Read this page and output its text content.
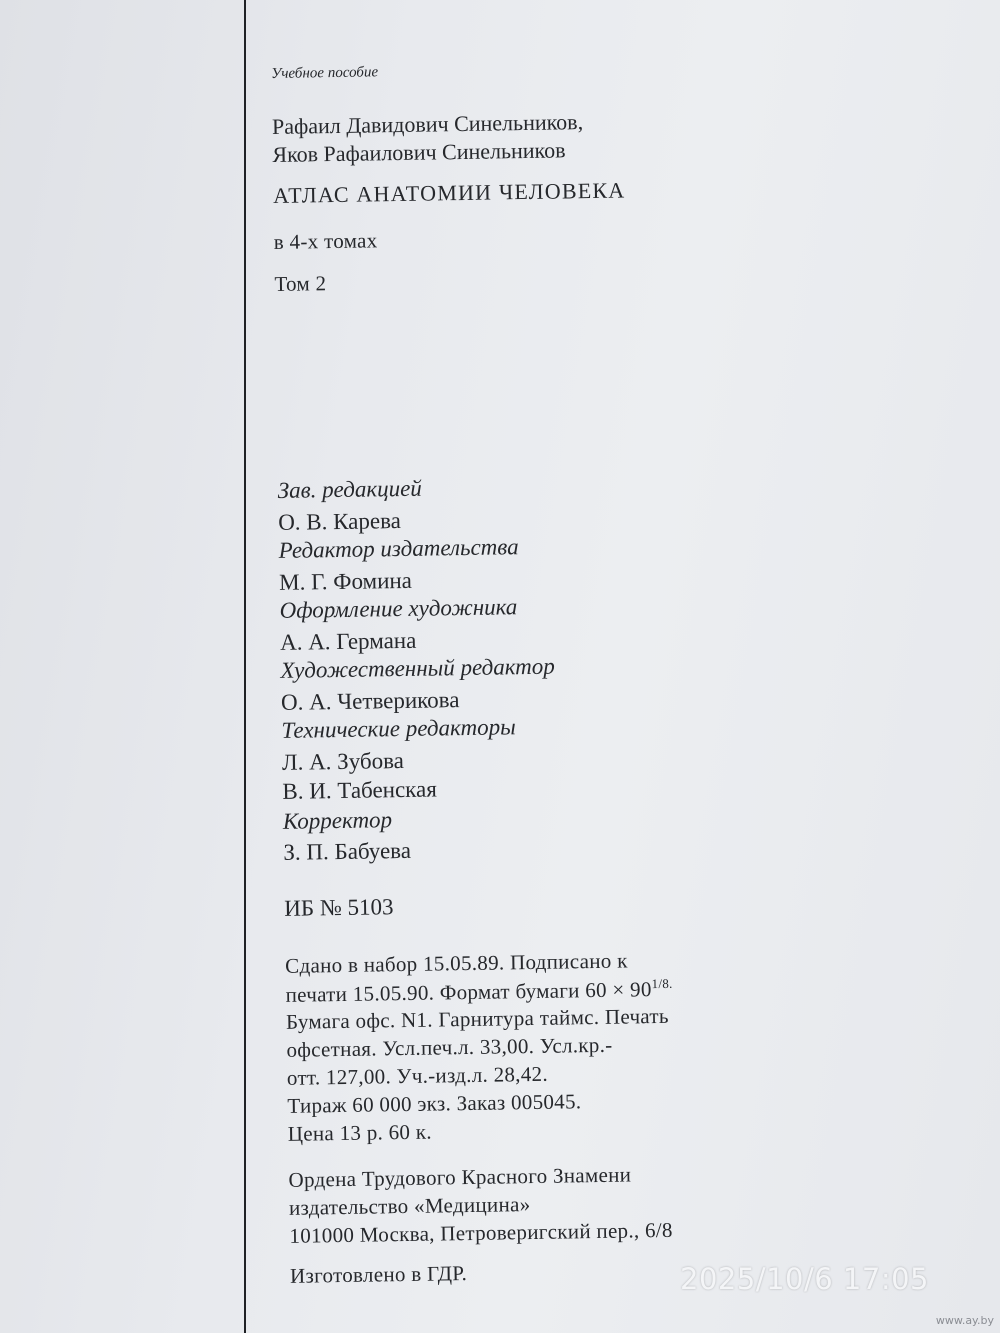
Учебное пособие
Рафаил Давидович Синельников,
Яков Рафаилович Синельников
АТЛАС АНАТОМИИ ЧЕЛОВЕКА
в 4-х томах
Том 2
Зав. редакцией
О. В. Карева
Редактор издательства
М. Г. Фомина
Оформление художника
А. А. Германа
Художественный редактор
О. А. Четверикова
Технические редакторы
Л. А. Зубова
В. И. Табенская
Корректор
З. П. Бабуева
ИБ № 5103
Сдано в набор 15.05.89. Подписано к
печати 15.05.90. Формат бумаги $60 \times 90^{1/8.}$
Бумага офс. N1. Гарнитура таймс. Печать
офсетная. Усл.печ.л. 33,00. Усл.кр.-
отт. 127,00. Уч.-изд.л. 28,42.
Тираж 60 000 экз. Заказ 005045.
Цена 13 р. 60 к.
Ордена Трудового Красного Знамени
издательство «Медицина»
101000 Москва, Петроверигский пер., 6/8
Изготовлено в ГДР.	2025/10/6 17:05
www.ay.by
